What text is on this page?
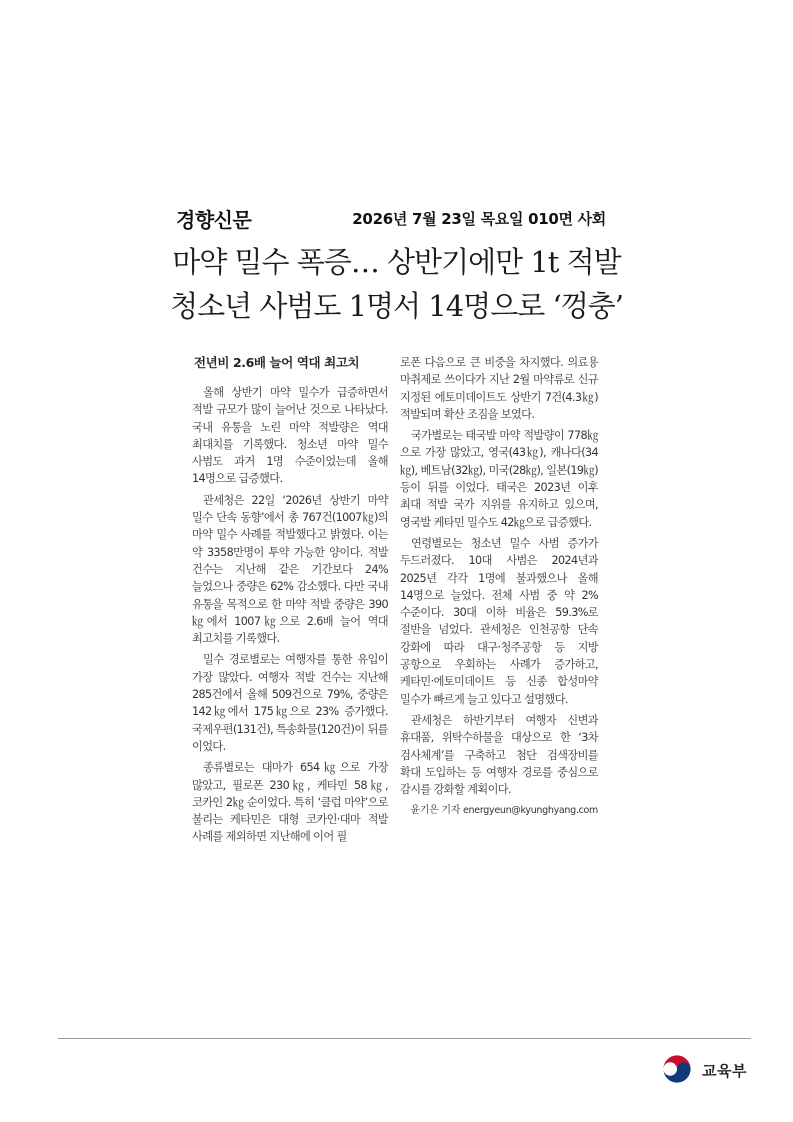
경향신문	2026년 7월 23일 목요일 010면 사회
마약 밀수 폭증… 상반기에만 1t 적발
청소년 사범도 1명서 14명으로 ‘껑충’
전년비 2.6배 늘어 역대 최고치

올해 상반기 마약 밀수가 급증하면서 적발 규모가 많이 늘어난 것으로 나타났다. 국내 유통을 노린 마약 적발량은 역대 최대치를 기록했다. 청소년 마약 밀수 사범도 과거 1명 수준이었는데 올해 14명으로 급증했다.

관세청은 22일 ‘2026년 상반기 마약 밀수 단속 동향’에서 총 767건(1007㎏)의 마약 밀수 사례를 적발했다고 밝혔다. 이는 약 3358만명이 투약 가능한 양이다. 적발 건수는 지난해 같은 기간보다 24% 늘었으나 중량은 62% 감소했다. 다만 국내 유통을 목적으로 한 마약 적발 중량은 390㎏에서 1007㎏으로 2.6배 늘어 역대 최고치를 기록했다.

밀수 경로별로는 여행자를 통한 유입이 가장 많았다. 여행자 적발 건수는 지난해 285건에서 올해 509건으로 79%, 중량은 142㎏에서 175㎏으로 23% 증가했다. 국제우편(131건), 특송화물(120건)이 뒤를 이었다.

종류별로는 대마가 654㎏으로 가장 많았고, 필로폰 230㎏, 케타민 58㎏, 코카인 2㎏ 순이었다. 특히 ‘클럽 마약’으로 불리는 케타민은 대형 코카인·대마 적발 사례를 제외하면 지난해에 이어 필

로폰 다음으로 큰 비중을 차지했다. 의료용 마취제로 쓰이다가 지난 2월 마약류로 신규 지정된 에토미데이트도 상반기 7건(4.3㎏) 적발되며 확산 조짐을 보였다.

국가별로는 태국발 마약 적발량이 778㎏으로 가장 많았고, 영국(43㎏), 캐나다(34㎏), 베트남(32㎏), 미국(28㎏), 일본(19㎏) 등이 뒤를 이었다. 태국은 2023년 이후 최대 적발 국가 지위를 유지하고 있으며, 영국발 케타민 밀수도 42㎏으로 급증했다.

연령별로는 청소년 밀수 사범 증가가 두드러졌다. 10대 사범은 2024년과 2025년 각각 1명에 불과했으나 올해 14명으로 늘었다. 전체 사범 중 약 2% 수준이다. 30대 이하 비율은 59.3%로 절반을 넘었다. 관세청은 인천공항 단속 강화에 따라 대구·청주공항 등 지방 공항으로 우회하는 사례가 증가하고, 케타민·에토미데이트 등 신종 합성마약 밀수가 빠르게 늘고 있다고 설명했다.

관세청은 하반기부터 여행자 신변과 휴대품, 위탁수하물을 대상으로 한 ‘3차 검사체계’를 구축하고 첨단 검색장비를 확대 도입하는 등 여행자 경로를 중심으로 감시를 강화할 계획이다.

윤기은 기자 energyeun@kyunghyang.com
교육부
